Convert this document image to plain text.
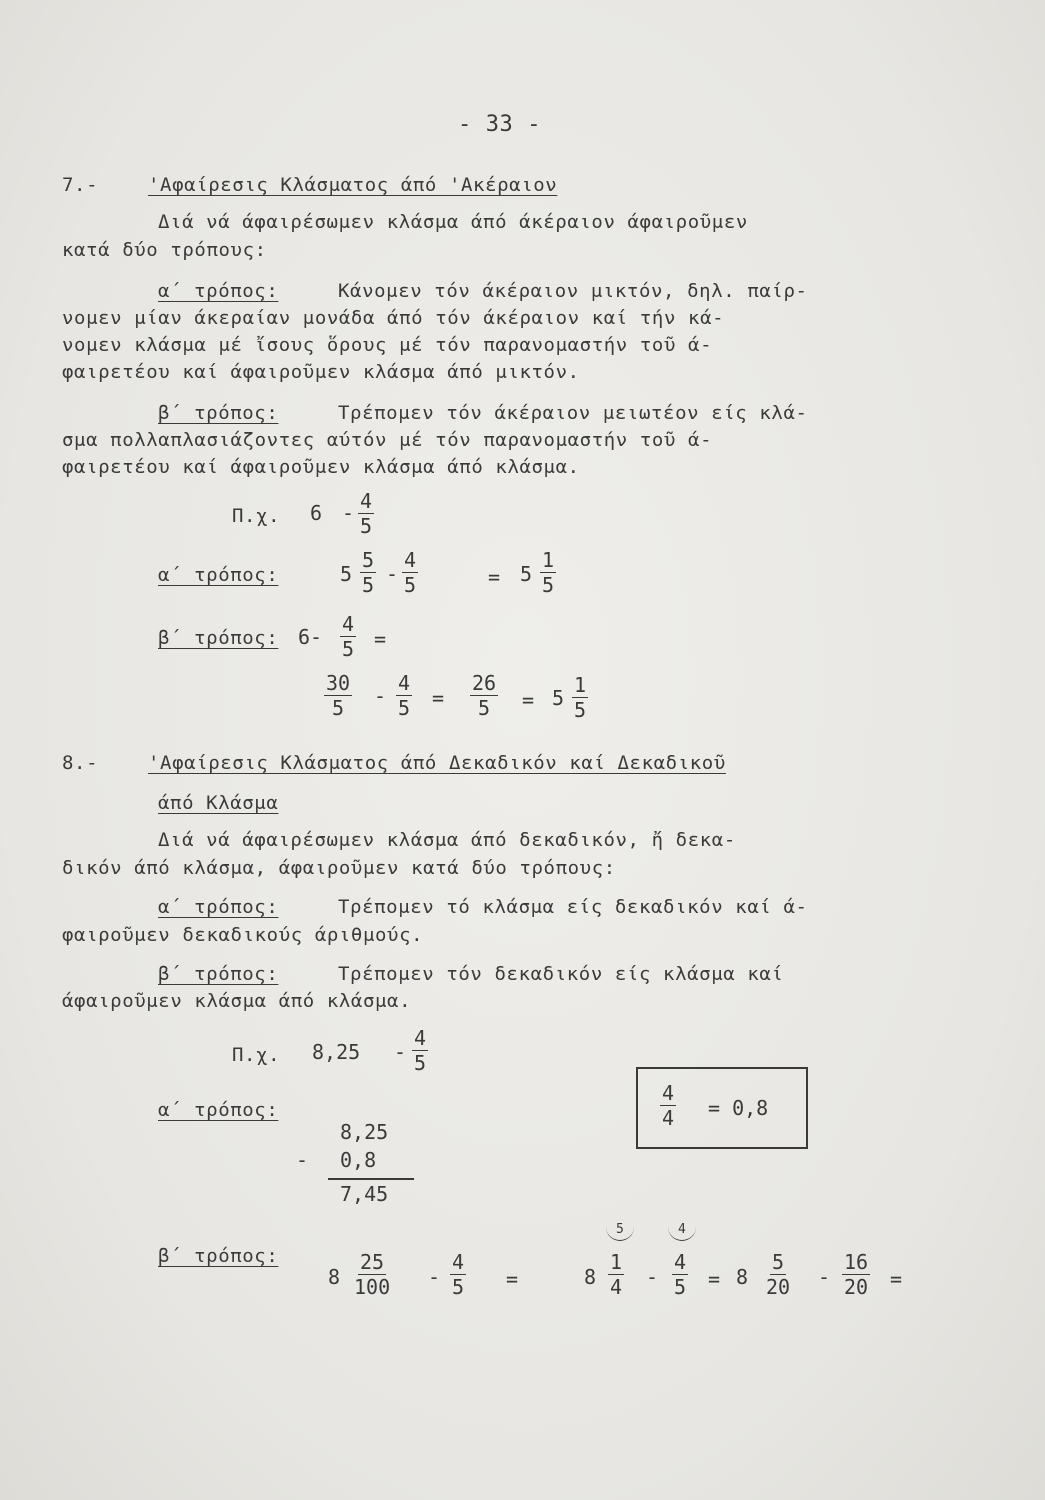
- 33 -
7.-	'Αφαίρεσις Κλάσματος άπό 'Ακέραιον
Διά νά άφαιρέσωμεν κλάσμα άπό άκέραιον άφαιροῦμεν
κατά δύο τρόπους:
α΄ τρόπος:	Κάνομεν τόν άκέραιον μικτόν, δηλ. παίρ-
νομεν μίαν άκεραίαν μονάδα άπό τόν άκέραιον καί τήν κά-
νομεν κλάσμα μέ ἴσους ὅρους μέ τόν παρανομαστήν τοῦ ά-
φαιρετέου καί άφαιροῦμεν κλάσμα άπό μικτόν.
β΄ τρόπος:	Τρέπομεν τόν άκέραιον μειωτέον είς κλά-
σμα πολλαπλασιάζοντες αύτόν μέ τόν παρανομαστήν τοῦ ά-
φαιρετέου καί άφαιροῦμεν κλάσμα άπό κλάσμα.
Π.χ. $6 - \frac{4}{5}$
α΄ τρόπος:	$5 \frac{5}{5} - \frac{4}{5}$	= $5 \frac{1}{5}$
β΄ τρόπος: $6- \frac{4}{5}$ =
$\frac{30}{5} - \frac{4}{5} = \frac{26}{5} = 5 \frac{1}{5}$
8.-	'Αφαίρεσις Κλάσματος άπό Δεκαδικόν καί Δεκαδικοῦ
άπό Κλάσμα
Διά νά άφαιρέσωμεν κλάσμα άπό δεκαδικόν, ἤ δεκα-
δικόν άπό κλάσμα, άφαιροῦμεν κατά δύο τρόπους:
α΄ τρόπος:	Τρέπομεν τό κλάσμα είς δεκαδικόν καί ά-
φαιροῦμεν δεκαδικούς άριθμούς.
β΄ τρόπος:	Τρέπομεν τόν δεκαδικόν είς κλάσμα καί
άφαιροῦμεν κλάσμα άπό κλάσμα.
Π.χ. $8,25 - \frac{4}{5}$
α΄ τρόπος:	$\frac{4}{4} = 0,8$
8,25
- 0,8
7,45
β΄ τρόπος:
$8 \frac{25}{100} - \frac{4}{5}$ =
5	4
$8 \frac{1}{4} - \frac{4}{5} = 8 \frac{5}{20} - \frac{16}{20}$ =
